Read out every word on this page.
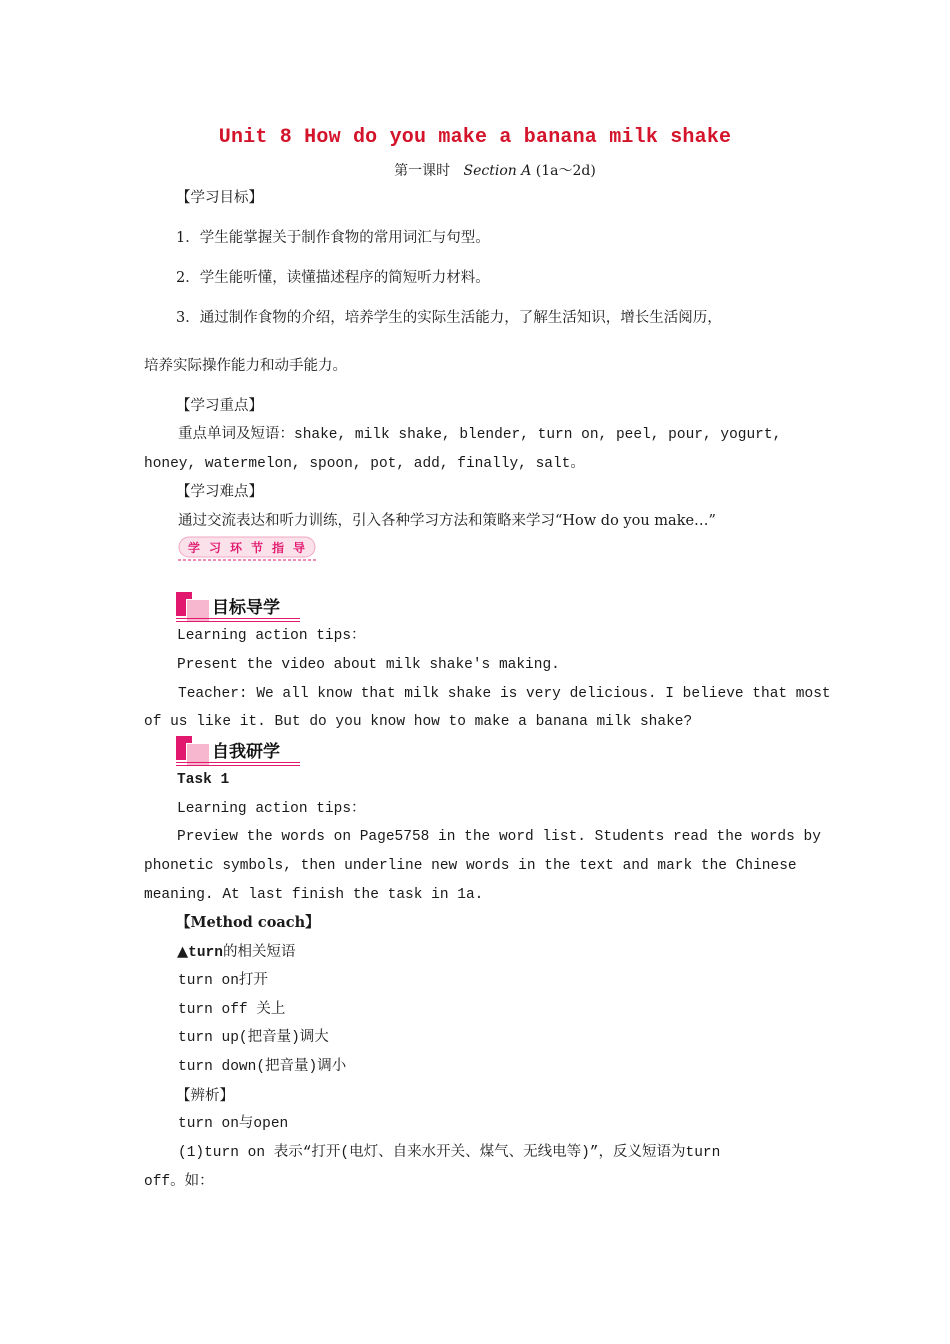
Unit 8 How do you make a banana milk shake
第一课时 Section A (1a～2d)
【学习目标】
1．学生能掌握关于制作食物的常用词汇与句型。
2．学生能听懂，读懂描述程序的简短听力材料。
3．通过制作食物的介绍，培养学生的实际生活能力，了解生活知识，增长生活阅历，
培养实际操作能力和动手能力。
【学习重点】
重点单词及短语：shake, milk shake, blender, turn on, peel, pour, yogurt,
honey, watermelon, spoon, pot, add, finally, salt。
【学习难点】
通过交流表达和听力训练，引入各种学习方法和策略来学习“How do you make…”
学 习 环 节 指 导
目标导学
Learning action tips：
Present the video about milk shake's making.
Teacher: We all know that milk shake is very delicious. I believe that most
of us like it. But do you know how to make a banana milk shake?
自我研学
Task 1
Learning action tips：
Preview the words on Page5758 in the word list. Students read the words by
phonetic symbols, then underline new words in the text and mark the Chinese
meaning. At last finish the task in 1a.
【Method coach】
▲turn的相关短语
turn on打开
turn off 关上
turn up(把音量)调大
turn down(把音量)调小
【辨析】
turn on与open
(1)turn on 表示“打开(电灯、自来水开关、煤气、无线电等)”，反义短语为turn
off。如：
